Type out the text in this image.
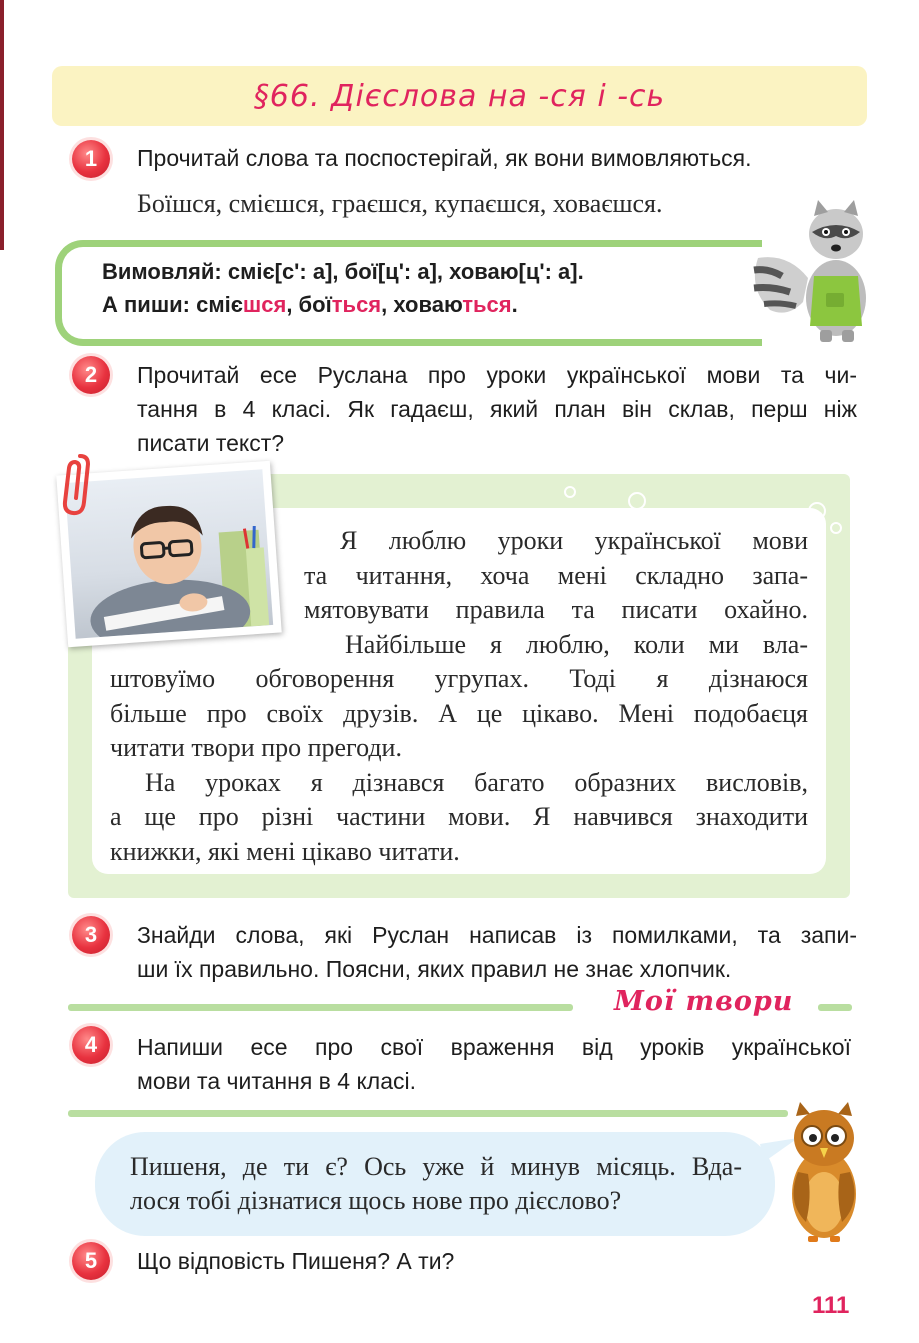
§66. Дієслова на -ся і -сь
1	Прочитай слова та поспостерігай, як вони вимовляються.
Боїшся, смієшся, граєшся, купаєшся, ховаєшся.
Вимовляй: сміє[с': а], бої[ц': а], ховаю[ц': а].
А пиши: смiєшся, боїться, ховаються.
2	Прочитай есе Руслана про уроки української мови та чи-
тання в 4 класі. Як гадаєш, який план він склав, перш ніж
писати текст?
Я люблю уроки української мови
та читання, хоча мені складно запа-
мятовувати правила та писати охайно.
Найбільше я люблю, коли ми вла-
штовуїмо обговорення угрупах. Тоді я дізнаюся
більше про своїх друзів. А це цікаво. Мені подобаєця
читати твори про прегоди.
На уроках я дізнався багато образних висловів,
а ще про різні частини мови. Я навчився знаходити
книжки, які мені цікаво читати.
3	Знайди слова, які Руслан написав із помилками, та запи-
ши їх правильно. Поясни, яких правил не знає хлопчик.
Мої твори
4	Напиши есе про свої враження від уроків української
мови та читання в 4 класі.
Пишеня, де ти є? Ось уже й минув місяць. Вда-
лося тобі дізнатися щось нове про дієслово?
5	Що відповість Пишеня? А ти?
111
